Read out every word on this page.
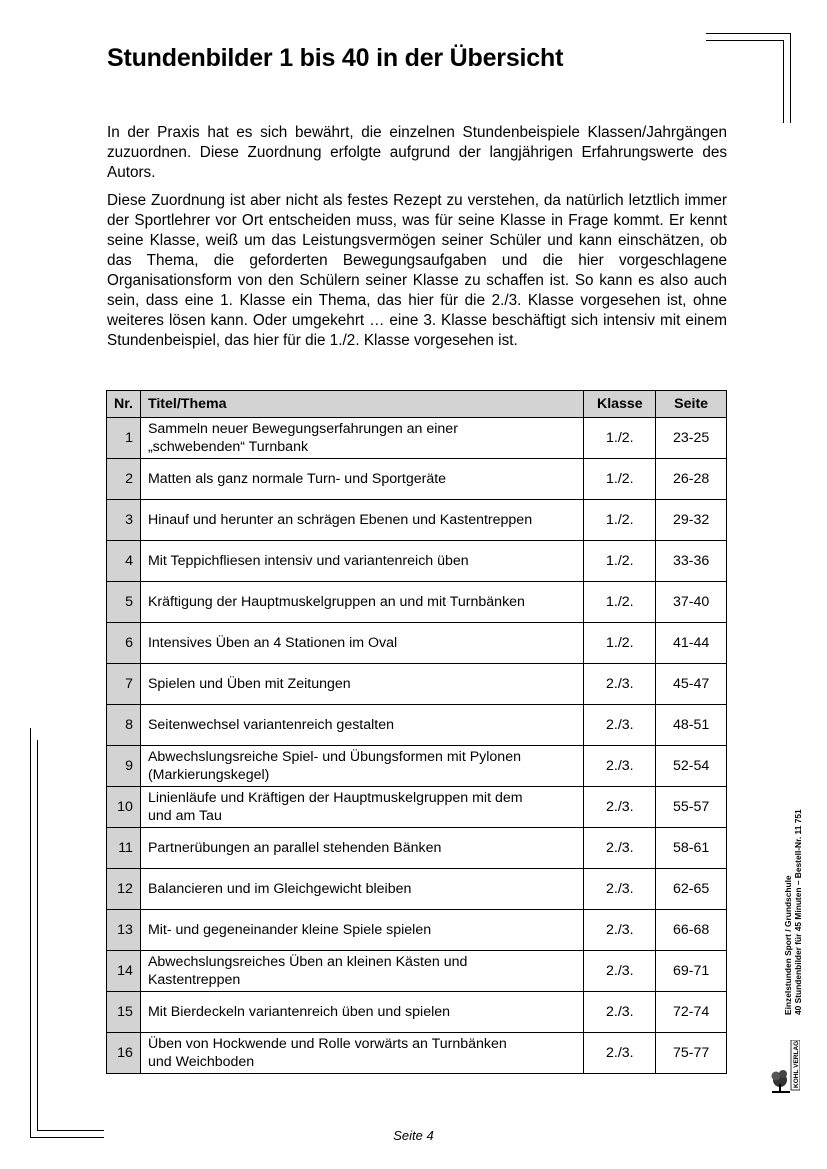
Stundenbilder 1 bis 40 in der Übersicht

In der Praxis hat es sich bewährt, die einzelnen Stundenbeispiele Klassen/Jahrgängen zuzuordnen. Diese Zuordnung erfolgte aufgrund der langjährigen Erfahrungswerte des Autors.

Diese Zuordnung ist aber nicht als festes Rezept zu verstehen, da natürlich letztlich immer der Sportlehrer vor Ort entscheiden muss, was für seine Klasse in Frage kommt. Er kennt seine Klasse, weiß um das Leistungsvermögen seiner Schüler und kann einschätzen, ob das Thema, die geforderten Bewegungsaufgaben und die hier vorgeschlagene Organisationsform von den Schülern seiner Klasse zu schaffen ist. So kann es also auch sein, dass eine 1. Klasse ein Thema, das hier für die 2./3. Klasse vorgesehen ist, ohne weiteres lösen kann. Oder umgekehrt … eine 3. Klasse beschäftigt sich intensiv mit einem Stundenbeispiel, das hier für die 1./2. Klasse vorgesehen ist.

Nr.	Titel/Thema	Klasse	Seite
1	Sammeln neuer Bewegungserfahrungen an einer
„schwebenden“ Turnbank	1./2.	23-25
2	Matten als ganz normale Turn- und Sportgeräte	1./2.	26-28
3	Hinauf und herunter an schrägen Ebenen und Kastentreppen	1./2.	29-32
4	Mit Teppichfliesen intensiv und variantenreich üben	1./2.	33-36
5	Kräftigung der Hauptmuskelgruppen an und mit Turnbänken	1./2.	37-40
6	Intensives Üben an 4 Stationen im Oval	1./2.	41-44
7	Spielen und Üben mit Zeitungen	2./3.	45-47
8	Seitenwechsel variantenreich gestalten	2./3.	48-51
9	Abwechslungsreiche Spiel- und Übungsformen mit Pylonen
(Markierungskegel)	2./3.	52-54
10	Linienläufe und Kräftigen der Hauptmuskelgruppen mit dem
und am Tau	2./3.	55-57
11	Partnerübungen an parallel stehenden Bänken	2./3.	58-61
12	Balancieren und im Gleichgewicht bleiben	2./3.	62-65
13	Mit- und gegeneinander kleine Spiele spielen	2./3.	66-68
14	Abwechslungsreiches Üben an kleinen Kästen und
Kastentreppen	2./3.	69-71
15	Mit Bierdeckeln variantenreich üben und spielen	2./3.	72-74
16	Üben von Hockwende und Rolle vorwärts an Turnbänken
und Weichboden	2./3.	75-77
Einzelstunden Sport / Grundschule 40 Stundenbilder für 45 Minuten – Bestell-Nr. 11 751
KOHL VERLAG
Seite 4
